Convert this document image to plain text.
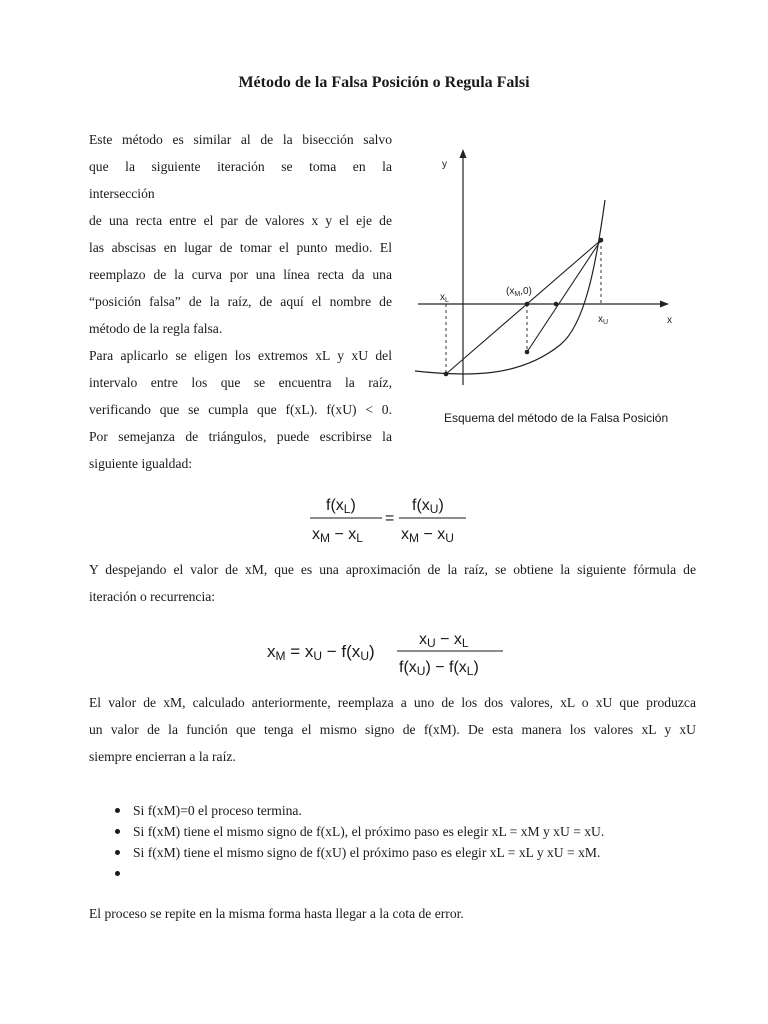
Método de la Falsa Posición o Regula Falsi
Este método es similar al de la bisección salvo
que la siguiente iteración se toma en la
intersección
de una recta entre el par de valores x y el eje de
las abscisas en lugar de tomar el punto medio. El
reemplazo de la curva por una línea recta da una
“posición falsa” de la raíz, de aquí el nombre de
método de la regla falsa.
Para aplicarlo se eligen los extremos xL y xU del
intervalo entre los que se encuentra la raíz,
verificando que se cumpla que f(xL). f(xU) < 0.
Por semejanza de triángulos, puede escribirse la
siguiente igualdad:
y
x
$x_L$
$x_U$
$(x_M,0)$
Esquema del método de la Falsa Posición
f(xL)
xM − xL
=
f(xU)
xM − xU
Y despejando el valor de xM, que es una aproximación de la raíz, se obtiene la siguiente fórmula de
iteración o recurrencia:
xM = xU − f(xU)
xU − xL
f(xU) − f(xL)
El valor de xM, calculado anteriormente, reemplaza a uno de los dos valores, xL o xU que produzca
un valor de la función que tenga el mismo signo de f(xM). De esta manera los valores xL y xU
siempre encierran a la raíz.
Si f(xM)=0 el proceso termina.
Si f(xM) tiene el mismo signo de f(xL), el próximo paso es elegir xL = xM y xU = xU.
Si f(xM) tiene el mismo signo de f(xU) el próximo paso es elegir xL = xL y xU = xM.
El proceso se repite en la misma forma hasta llegar a la cota de error.
